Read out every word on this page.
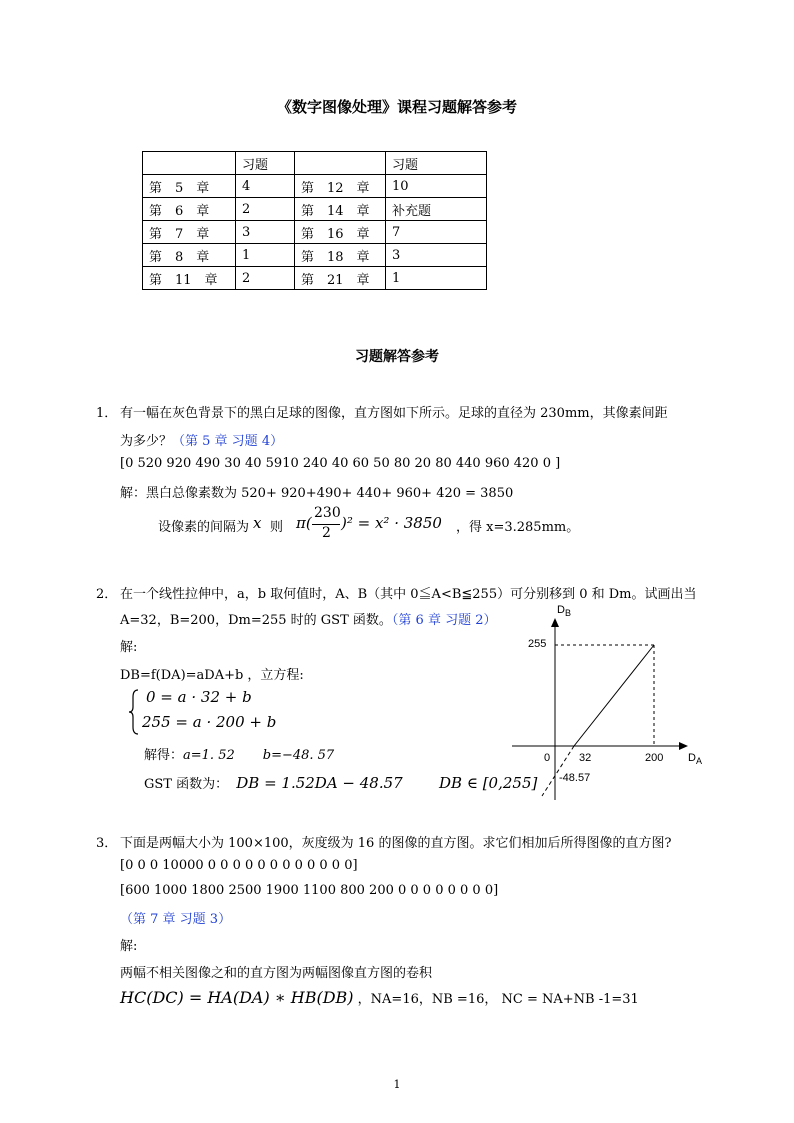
《数字图像处理》课程习题解答参考
	习题		习题
第　5　章	4	第　12　章	10
第　6　章	2	第　14　章	补充题
第　7　章	3	第　16　章	7
第　8　章	1	第　18　章	3
第　11　章	2	第　21　章	1
习题解答参考
1． 有一幅在灰色背景下的黑白足球的图像，直方图如下所示。足球的直径为 230mm，其像素间距
为多少？（第 5 章 习题 4）
[0 520 920 490 30 40 5910 240 40 60 50 80 20 80 440 960 420 0 ]
解：黑白总像素数为 520+ 920+490+ 440+ 960+ 420 = 3850
设像素的间隔为 x 则 π(
230
2
)² = x² · 3850 ，得 x=3.285mm。
2． 在一个线性拉伸中，a，b 取何值时，A、B（其中 0≦A<B≦255）可分别移到 0 和 Dm。试画出当
A=32，B=200，Dm=255 时的 GST 函数。（第 6 章 习题 2）
解:
DB=f(DA)=aDA+b ，立方程:
0 = a · 32 + b
255 = a · 200 + b
解得：a=1. 52 b=−48. 57
GST 函数为： DB = 1.52DA − 48.57 DB ∈ [0,255]
$D_B$
255
0	32	200 $D_A$
-48.57
3． 下面是两幅大小为 100×100，灰度级为 16 的图像的直方图。求它们相加后所得图像的直方图?
[0 0 0 10000 0 0 0 0 0 0 0 0 0 0 0 0]
[600 1000 1800 2500 1900 1100 800 200 0 0 0 0 0 0 0 0]
（第 7 章 习题 3）
解:
两幅不相关图像之和的直方图为两幅图像直方图的卷积
HC(DC) = HA(DA) ∗ HB(DB) ，NA=16，NB =16， NC = NA+NB -1=31
1
